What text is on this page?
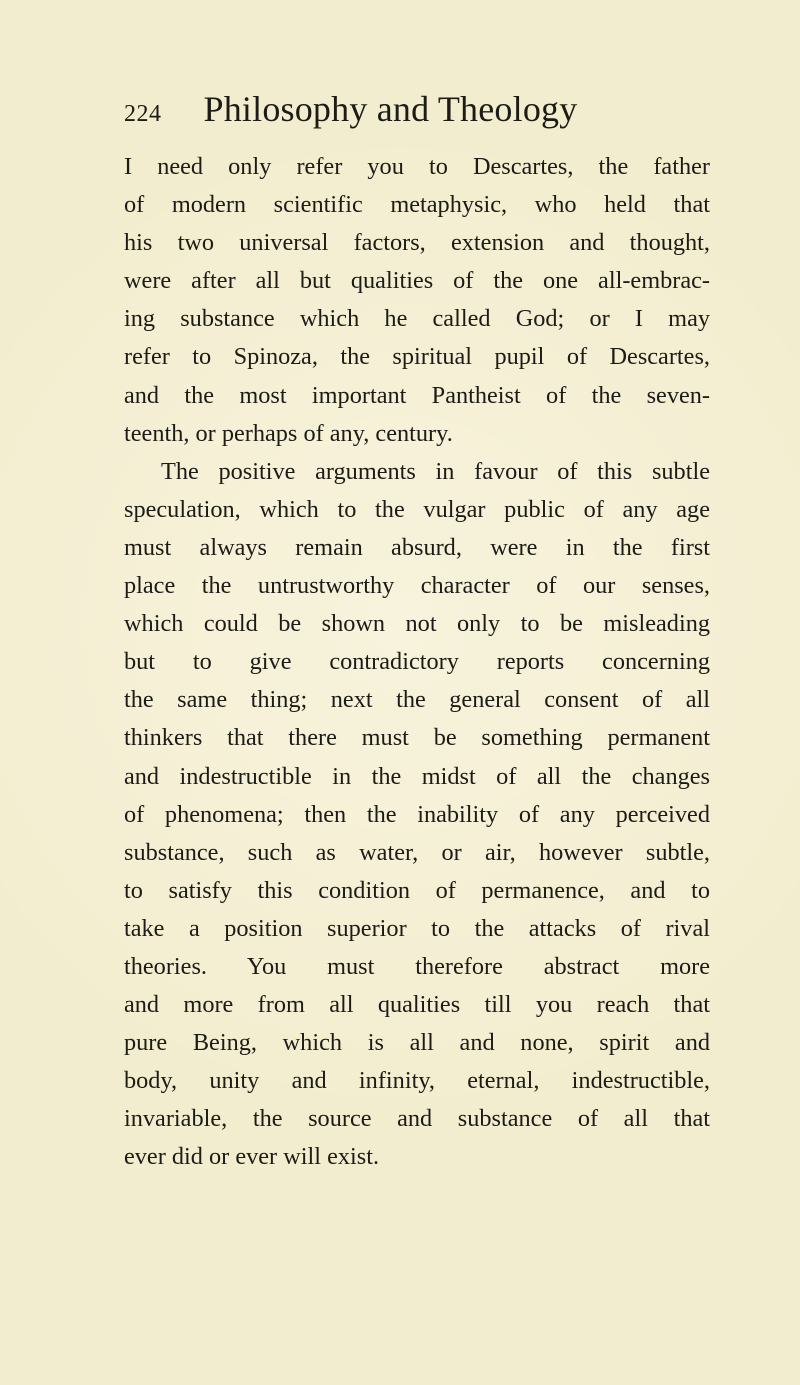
224 Philosophy and Theology
I need only refer you to Descartes, the father
of modern scientific metaphysic, who held that
his two universal factors, extension and thought,
were after all but qualities of the one all-embrac-
ing substance which he called God; or I may
refer to Spinoza, the spiritual pupil of Descartes,
and the most important Pantheist of the seven-
teenth, or perhaps of any, century.
The positive arguments in favour of this subtle
speculation, which to the vulgar public of any age
must always remain absurd, were in the first
place the untrustworthy character of our senses,
which could be shown not only to be misleading
but to give contradictory reports concerning
the same thing; next the general consent of all
thinkers that there must be something permanent
and indestructible in the midst of all the changes
of phenomena; then the inability of any perceived
substance, such as water, or air, however subtle,
to satisfy this condition of permanence, and to
take a position superior to the attacks of rival
theories. You must therefore abstract more
and more from all qualities till you reach that
pure Being, which is all and none, spirit and
body, unity and infinity, eternal, indestructible,
invariable, the source and substance of all that
ever did or ever will exist.
